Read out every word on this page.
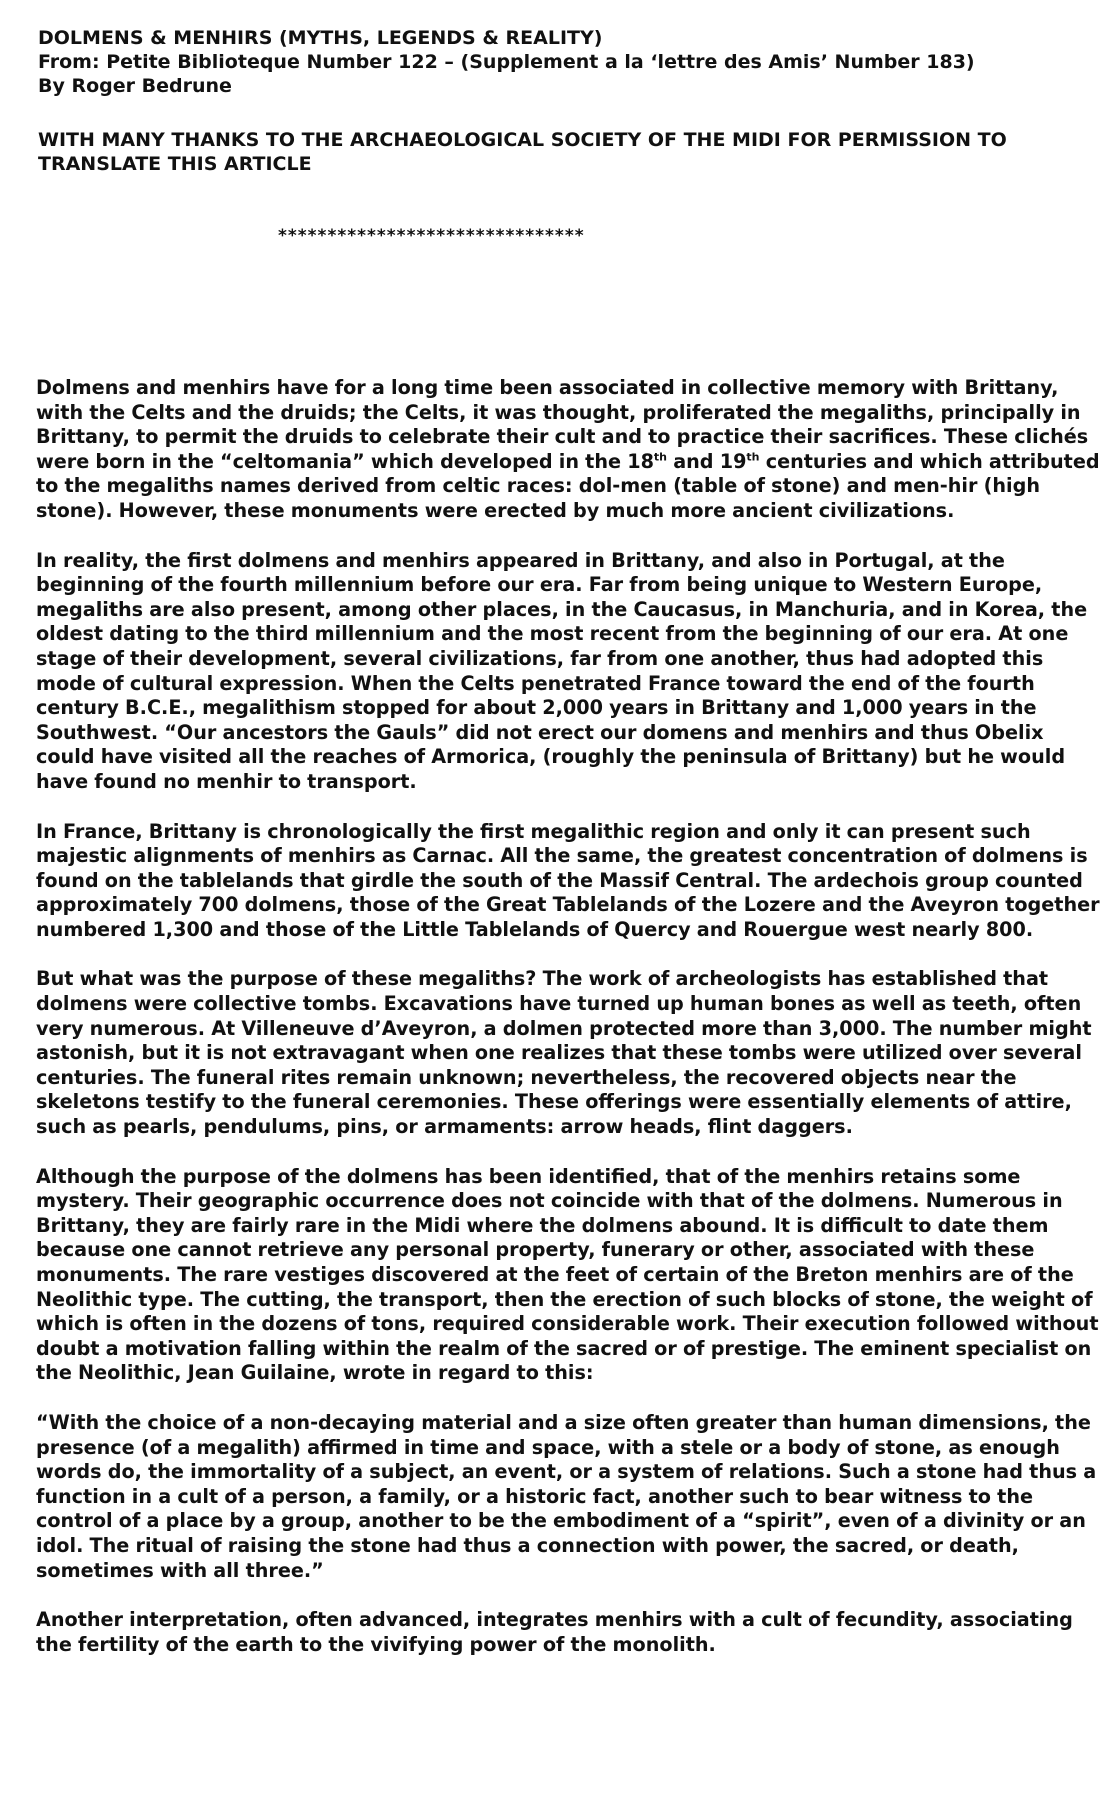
DOLMENS & MENHIRS (MYTHS, LEGENDS & REALITY)
From: Petite Biblioteque Number 122 – (Supplement a la ‘lettre des Amis’ Number 183)
By Roger Bedrune
WITH MANY THANKS TO THE ARCHAEOLOGICAL SOCIETY OF THE MIDI FOR PERMISSION TO TRANSLATE THIS ARTICLE
*******************************

Dolmens and menhirs have for a long time been associated in collective memory with Brittany, with the Celts and the druids; the Celts, it was thought, proliferated the megaliths, principally in Brittany, to permit the druids to celebrate their cult and to practice their sacrifices. These clichés were born in the “celtomania” which developed in the 18th and 19th centuries and which attributed to the megaliths names derived from celtic races: dol-men (table of stone) and men-hir (high stone). However, these monuments were erected by much more ancient civilizations.

In reality, the first dolmens and menhirs appeared in Brittany, and also in Portugal, at the beginning of the fourth millennium before our era. Far from being unique to Western Europe, megaliths are also present, among other places, in the Caucasus, in Manchuria, and in Korea, the oldest dating to the third millennium and the most recent from the beginning of our era. At one stage of their development, several civilizations, far from one another, thus had adopted this mode of cultural expression. When the Celts penetrated France toward the end of the fourth century B.C.E., megalithism stopped for about 2,000 years in Brittany and 1,000 years in the Southwest. “Our ancestors the Gauls” did not erect our domens and menhirs and thus Obelix could have visited all the reaches of Armorica, (roughly the peninsula of Brittany) but he would have found no menhir to transport.

In France, Brittany is chronologically the first megalithic region and only it can present such majestic alignments of menhirs as Carnac. All the same, the greatest concentration of dolmens is found on the tablelands that girdle the south of the Massif Central. The ardechois group counted approximately 700 dolmens, those of the Great Tablelands of the Lozere and the Aveyron together numbered 1,300 and those of the Little Tablelands of Quercy and Rouergue west nearly 800.

But what was the purpose of these megaliths? The work of archeologists has established that dolmens were collective tombs. Excavations have turned up human bones as well as teeth, often very numerous. At Villeneuve d’Aveyron, a dolmen protected more than 3,000. The number might astonish, but it is not extravagant when one realizes that these tombs were utilized over several centuries. The funeral rites remain unknown; nevertheless, the recovered objects near the skeletons testify to the funeral ceremonies. These offerings were essentially elements of attire, such as pearls, pendulums, pins, or armaments: arrow heads, flint daggers.

Although the purpose of the dolmens has been identified, that of the menhirs retains some mystery. Their geographic occurrence does not coincide with that of the dolmens. Numerous in Brittany, they are fairly rare in the Midi where the dolmens abound. It is difficult to date them because one cannot retrieve any personal property, funerary or other, associated with these monuments. The rare vestiges discovered at the feet of certain of the Breton menhirs are of the Neolithic type. The cutting, the transport, then the erection of such blocks of stone, the weight of which is often in the dozens of tons, required considerable work. Their execution followed without doubt a motivation falling within the realm of the sacred or of prestige. The eminent specialist on the Neolithic, Jean Guilaine, wrote in regard to this:

“With the choice of a non-decaying material and a size often greater than human dimensions, the presence (of a megalith) affirmed in time and space, with a stele or a body of stone, as enough words do, the immortality of a subject, an event, or a system of relations. Such a stone had thus a function in a cult of a person, a family, or a historic fact, another such to bear witness to the control of a place by a group, another to be the embodiment of a “spirit”, even of a divinity or an idol. The ritual of raising the stone had thus a connection with power, the sacred, or death, sometimes with all three.”

Another interpretation, often advanced, integrates menhirs with a cult of fecundity, associating the fertility of the earth to the vivifying power of the monolith.
